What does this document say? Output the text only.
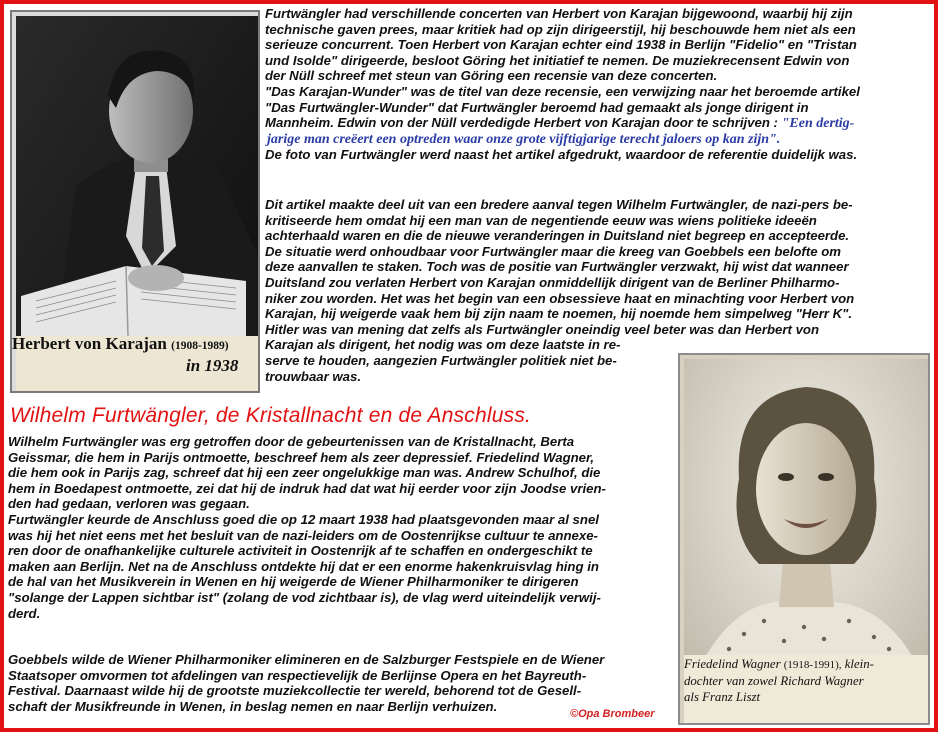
Herbert von Karajan (1908-1989)
in 1938
Furtwängler had verschillende concerten van Herbert von Karajan bijgewoond, waarbij hij zijn
technische gaven prees, maar kritiek had op zijn dirigeerstijl, hij beschouwde hem niet als een
serieuze concurrent. Toen Herbert von Karajan echter eind 1938 in Berlijn "Fidelio" en "Tristan
und Isolde" dirigeerde, besloot Göring het initiatief te nemen. De muziekrecensent Edwin von
der Nüll schreef met steun van Göring een recensie van deze concerten.
"Das Karajan-Wunder" was de titel van deze recensie, een verwijzing naar het beroemde artikel
"Das Furtwängler-Wunder" dat Furtwängler beroemd had gemaakt als jonge dirigent in
Mannheim. Edwin von der Nüll verdedigde Herbert von Karajan door te schrijven : "Een dertig-
jarige man creëert een optreden waar onze grote vijftigjarige terecht jaloers op kan zijn".
De foto van Furtwängler werd naast het artikel afgedrukt, waardoor de referentie duidelijk was.
Dit artikel maakte deel uit van een bredere aanval tegen Wilhelm Furtwängler, de nazi-pers be-
kritiseerde hem omdat hij een man van de negentiende eeuw was wiens politieke ideeën
achterhaald waren en die de nieuwe veranderingen in Duitsland niet begreep en accepteerde.
De situatie werd onhoudbaar voor Furtwängler maar die kreeg van Goebbels een belofte om
deze aanvallen te staken. Toch was de positie van Furtwängler verzwakt, hij wist dat wanneer
Duitsland zou verlaten Herbert von Karajan onmiddellijk dirigent van de Berliner Philharmo-
niker zou worden. Het was het begin van een obsessieve haat en minachting voor Herbert von
Karajan, hij weigerde vaak hem bij zijn naam te noemen, hij noemde hem simpelweg "Herr K".
Hitler was van mening dat zelfs als Furtwängler oneindig veel beter was dan Herbert von
Karajan als dirigent, het nodig was om deze laatste in re-
serve te houden, aangezien Furtwängler politiek niet be-
trouwbaar was.
Wilhelm Furtwängler, de Kristallnacht en de Anschluss.
Wilhelm Furtwängler was erg getroffen door de gebeurtenissen van de Kristallnacht, Berta
Geissmar, die hem in Parijs ontmoette, beschreef hem als zeer depressief. Friedelind Wagner,
die hem ook in Parijs zag, schreef dat hij een zeer ongelukkige man was. Andrew Schulhof, die
hem in Boedapest ontmoette, zei dat hij de indruk had dat wat hij eerder voor zijn Joodse vrien-
den had gedaan, verloren was gegaan.
Furtwängler keurde de Anschluss goed die op 12 maart 1938 had plaatsgevonden maar al snel
was hij het niet eens met het besluit van de nazi-leiders om de Oostenrijkse cultuur te annexe-
ren door de onafhankelijke culturele activiteit in Oostenrijk af te schaffen en ondergeschikt te
maken aan Berlijn. Net na de Anschluss ontdekte hij dat er een enorme hakenkruisvlag hing in
de hal van het Musikverein in Wenen en hij weigerde de Wiener Philharmoniker te dirigeren
"solange der Lappen sichtbar ist" (zolang de vod zichtbaar is), de vlag werd uiteindelijk verwij-
derd.
Goebbels wilde de Wiener Philharmoniker elimineren en de Salzburger Festspiele en de Wiener
Staatsoper omvormen tot afdelingen van respectievelijk de Berlijnse Opera en het Bayreuth-
Festival. Daarnaast wilde hij de grootste muziekcollectie ter wereld, behorend tot de Gesell-
schaft der Musikfreunde in Wenen, in beslag nemen en naar Berlijn verhuizen.
©Opa Brombeer
Friedelind Wagner (1918-1991), klein-
dochter van zowel Richard Wagner
als Franz Liszt
